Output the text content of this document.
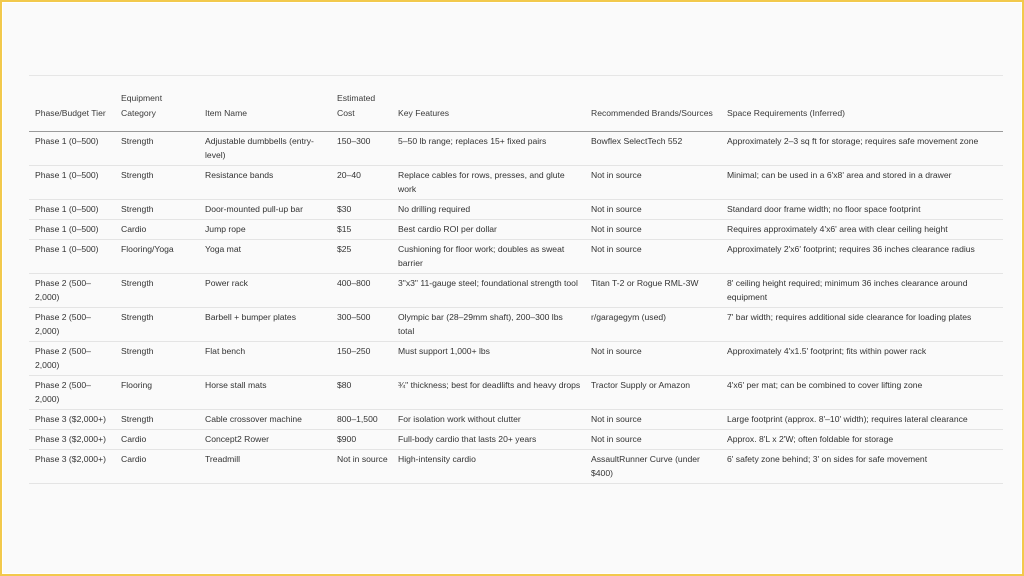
Phase/Budget Tier	Equipment Category	Item Name	Estimated Cost	Key Features	Recommended Brands/Sources	Space Requirements (Inferred)
Phase 1 (0–500)	Strength	Adjustable dumbbells (entry-level)	150–300	5–50 lb range; replaces 15+ fixed pairs	Bowflex SelectTech 552	Approximately 2–3 sq ft for storage; requires safe movement zone
Phase 1 (0–500)	Strength	Resistance bands	20–40	Replace cables for rows, presses, and glute work	Not in source	Minimal; can be used in a 6'x8' area and stored in a drawer
Phase 1 (0–500)	Strength	Door-mounted pull-up bar	$30	No drilling required	Not in source	Standard door frame width; no floor space footprint
Phase 1 (0–500)	Cardio	Jump rope	$15	Best cardio ROI per dollar	Not in source	Requires approximately 4'x6' area with clear ceiling height
Phase 1 (0–500)	Flooring/Yoga	Yoga mat	$25	Cushioning for floor work; doubles as sweat barrier	Not in source	Approximately 2'x6' footprint; requires 36 inches clearance radius
Phase 2 (500–2,000)	Strength	Power rack	400–800	3"x3" 11-gauge steel; foundational strength tool	Titan T-2 or Rogue RML-3W	8' ceiling height required; minimum 36 inches clearance around equipment
Phase 2 (500–2,000)	Strength	Barbell + bumper plates	300–500	Olympic bar (28–29mm shaft), 200–300 lbs total	r/garagegym (used)	7' bar width; requires additional side clearance for loading plates
Phase 2 (500–2,000)	Strength	Flat bench	150–250	Must support 1,000+ lbs	Not in source	Approximately 4'x1.5' footprint; fits within power rack
Phase 2 (500–2,000)	Flooring	Horse stall mats	$80	¾" thickness; best for deadlifts and heavy drops	Tractor Supply or Amazon	4'x6' per mat; can be combined to cover lifting zone
Phase 3 ($2,000+)	Strength	Cable crossover machine	800–1,500	For isolation work without clutter	Not in source	Large footprint (approx. 8'–10' width); requires lateral clearance
Phase 3 ($2,000+)	Cardio	Concept2 Rower	$900	Full-body cardio that lasts 20+ years	Not in source	Approx. 8'L x 2'W; often foldable for storage
Phase 3 ($2,000+)	Cardio	Treadmill	Not in source	High-intensity cardio	AssaultRunner Curve (under $400)	6' safety zone behind; 3' on sides for safe movement
